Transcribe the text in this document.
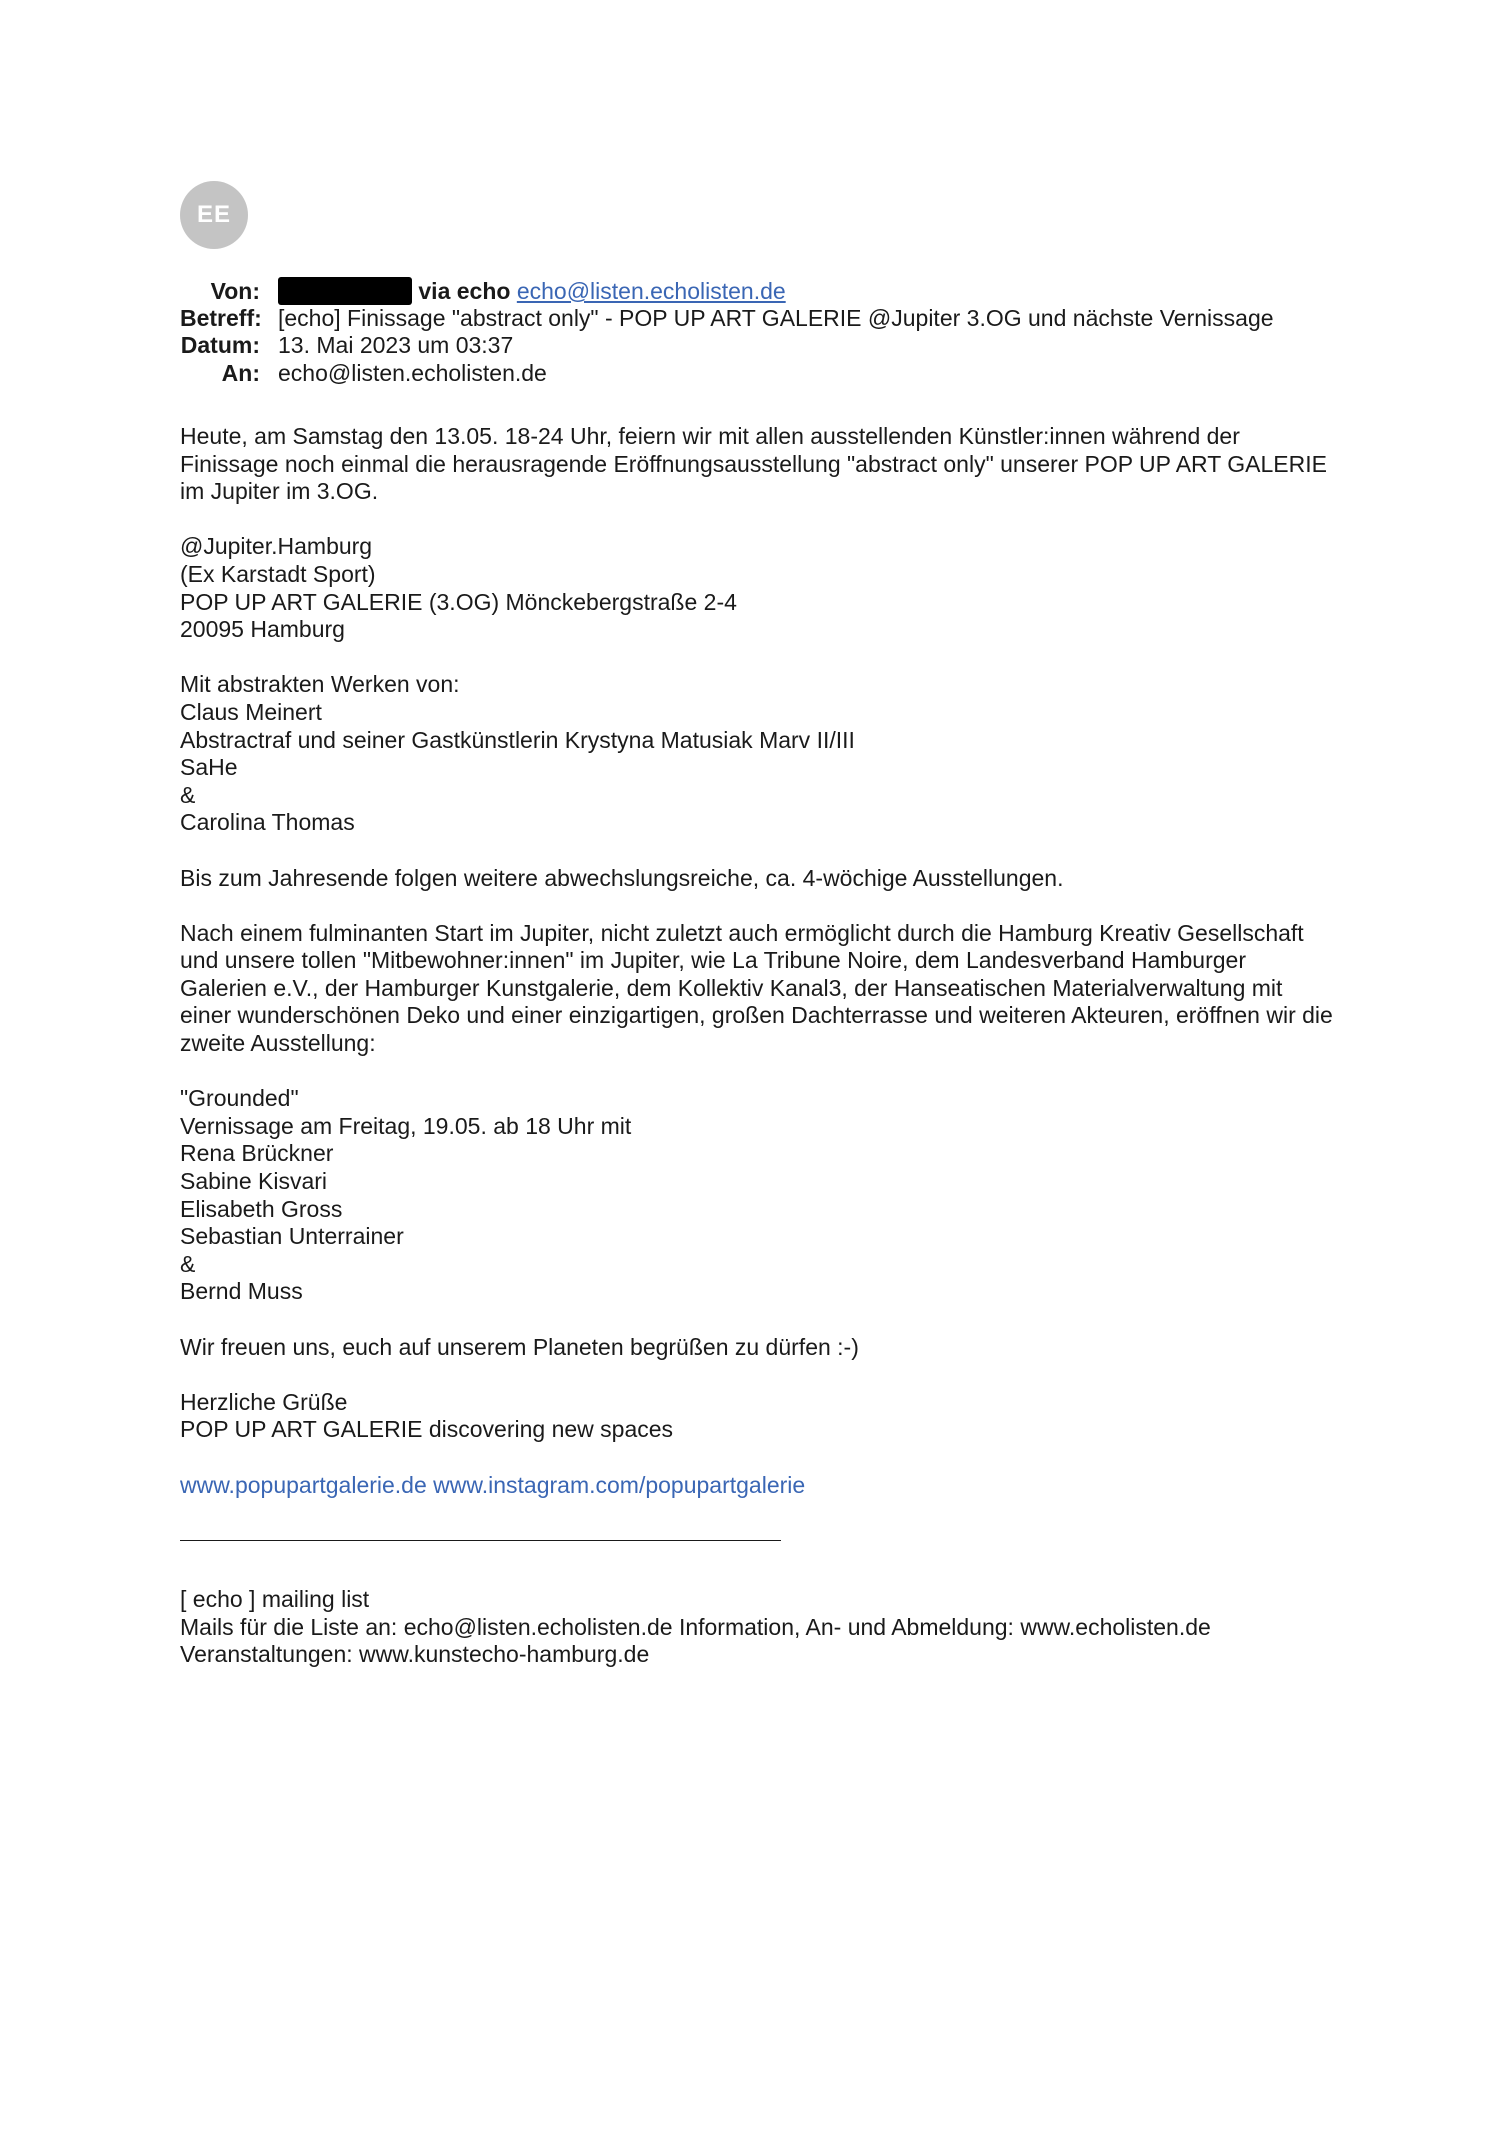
EE
Von:	via echo echo@listen.echolisten.de
Betreff: [echo] Finissage "abstract only" - POP UP ART GALERIE @Jupiter 3.OG und nächste Vernissage
Datum: 13. Mai 2023 um 03:37
An: echo@listen.echolisten.de
Heute, am Samstag den 13.05. 18-24 Uhr, feiern wir mit allen ausstellenden Künstler:innen während der
Finissage noch einmal die herausragende Eröffnungsausstellung "abstract only" unserer POP UP ART GALERIE
im Jupiter im 3.OG.
@Jupiter.Hamburg
(Ex Karstadt Sport)
POP UP ART GALERIE (3.OG) Mönckebergstraße 2-4
20095 Hamburg
Mit abstrakten Werken von:
Claus Meinert
Abstractraf und seiner Gastkünstlerin Krystyna Matusiak Marv II/III
SaHe
&
Carolina Thomas
Bis zum Jahresende folgen weitere abwechslungsreiche, ca. 4-wöchige Ausstellungen.
Nach einem fulminanten Start im Jupiter, nicht zuletzt auch ermöglicht durch die Hamburg Kreativ Gesellschaft
und unsere tollen "Mitbewohner:innen" im Jupiter, wie La Tribune Noire, dem Landesverband Hamburger
Galerien e.V., der Hamburger Kunstgalerie, dem Kollektiv Kanal3, der Hanseatischen Materialverwaltung mit
einer wunderschönen Deko und einer einzigartigen, großen Dachterrasse und weiteren Akteuren, eröffnen wir die
zweite Ausstellung:
"Grounded"
Vernissage am Freitag, 19.05. ab 18 Uhr mit
Rena Brückner
Sabine Kisvari
Elisabeth Gross
Sebastian Unterrainer
&
Bernd Muss
Wir freuen uns, euch auf unserem Planeten begrüßen zu dürfen :-)
Herzliche Grüße
POP UP ART GALERIE discovering new spaces
www.popupartgalerie.de www.instagram.com/popupartgalerie
[ echo ] mailing list
Mails für die Liste an: echo@listen.echolisten.de Information, An- und Abmeldung: www.echolisten.de
Veranstaltungen: www.kunstecho-hamburg.de
